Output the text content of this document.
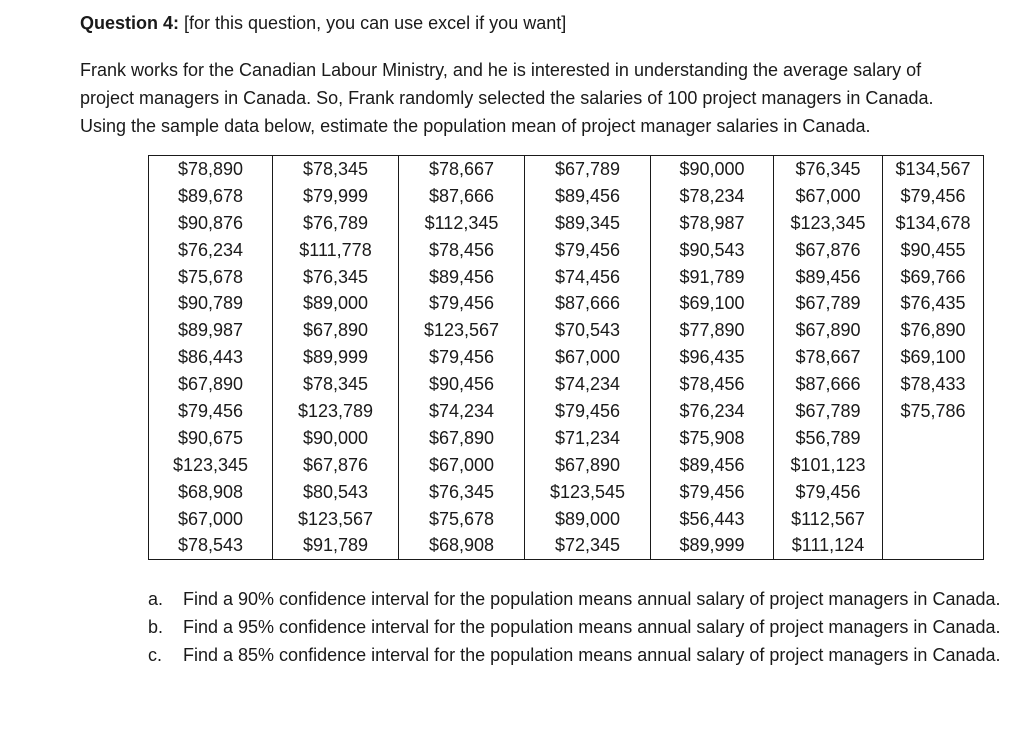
Question 4: [for this question, you can use excel if you want]
Frank works for the Canadian Labour Ministry, and he is interested in understanding the average salary of
project managers in Canada. So, Frank randomly selected the salaries of 100 project managers in Canada.
Using the sample data below, estimate the population mean of project manager salaries in Canada.
$78,890	$78,345	$78,667	$67,789	$90,000	$76,345	$134,567
$89,678	$79,999	$87,666	$89,456	$78,234	$67,000	$79,456
$90,876	$76,789	$112,345	$89,345	$78,987	$123,345	$134,678
$76,234	$111,778	$78,456	$79,456	$90,543	$67,876	$90,455
$75,678	$76,345	$89,456	$74,456	$91,789	$89,456	$69,766
$90,789	$89,000	$79,456	$87,666	$69,100	$67,789	$76,435
$89,987	$67,890	$123,567	$70,543	$77,890	$67,890	$76,890
$86,443	$89,999	$79,456	$67,000	$96,435	$78,667	$69,100
$67,890	$78,345	$90,456	$74,234	$78,456	$87,666	$78,433
$79,456	$123,789	$74,234	$79,456	$76,234	$67,789	$75,786
$90,675	$90,000	$67,890	$71,234	$75,908	$56,789	
$123,345	$67,876	$67,000	$67,890	$89,456	$101,123	
$68,908	$80,543	$76,345	$123,545	$79,456	$79,456	
$67,000	$123,567	$75,678	$89,000	$56,443	$112,567	
$78,543	$91,789	$68,908	$72,345	$89,999	$111,124	
a.	Find a 90% confidence interval for the population means annual salary of project managers in Canada.
b.	Find a 95% confidence interval for the population means annual salary of project managers in Canada.
c.	Find a 85% confidence interval for the population means annual salary of project managers in Canada.
